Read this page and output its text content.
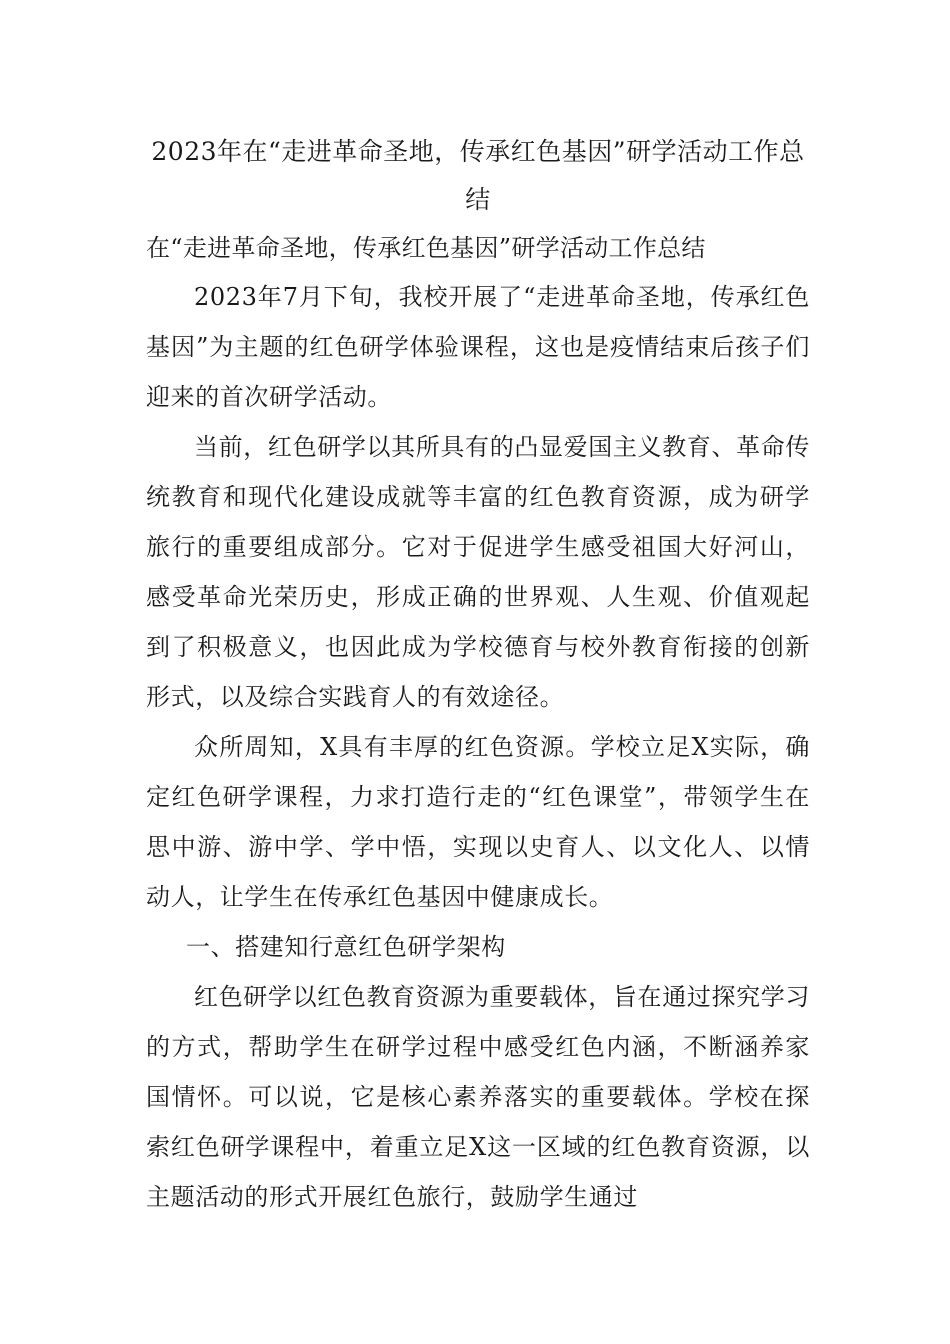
2023年在“走进革命圣地，传承红色基因”研学活动工作总结

在“走进革命圣地，传承红色基因”研学活动工作总结

2023年7月下旬，我校开展了“走进革命圣地，传承红色基因”为主题的红色研学体验课程，这也是疫情结束后孩子们迎来的首次研学活动。

当前，红色研学以其所具有的凸显爱国主义教育、革命传统教育和现代化建设成就等丰富的红色教育资源，成为研学旅行的重要组成部分。它对于促进学生感受祖国大好河山，感受革命光荣历史，形成正确的世界观、人生观、价值观起到了积极意义，也因此成为学校德育与校外教育衔接的创新形式，以及综合实践育人的有效途径。

众所周知，X具有丰厚的红色资源。学校立足X实际，确定红色研学课程，力求打造行走的“红色课堂”，带领学生在思中游、游中学、学中悟，实现以史育人、以文化人、以情动人，让学生在传承红色基因中健康成长。

一、搭建知行意红色研学架构

红色研学以红色教育资源为重要载体，旨在通过探究学习的方式，帮助学生在研学过程中感受红色内涵，不断涵养家国情怀。可以说，它是核心素养落实的重要载体。学校在探索红色研学课程中，着重立足X这一区域的红色教育资源，以主题活动的形式开展红色旅行，鼓励学生通过
